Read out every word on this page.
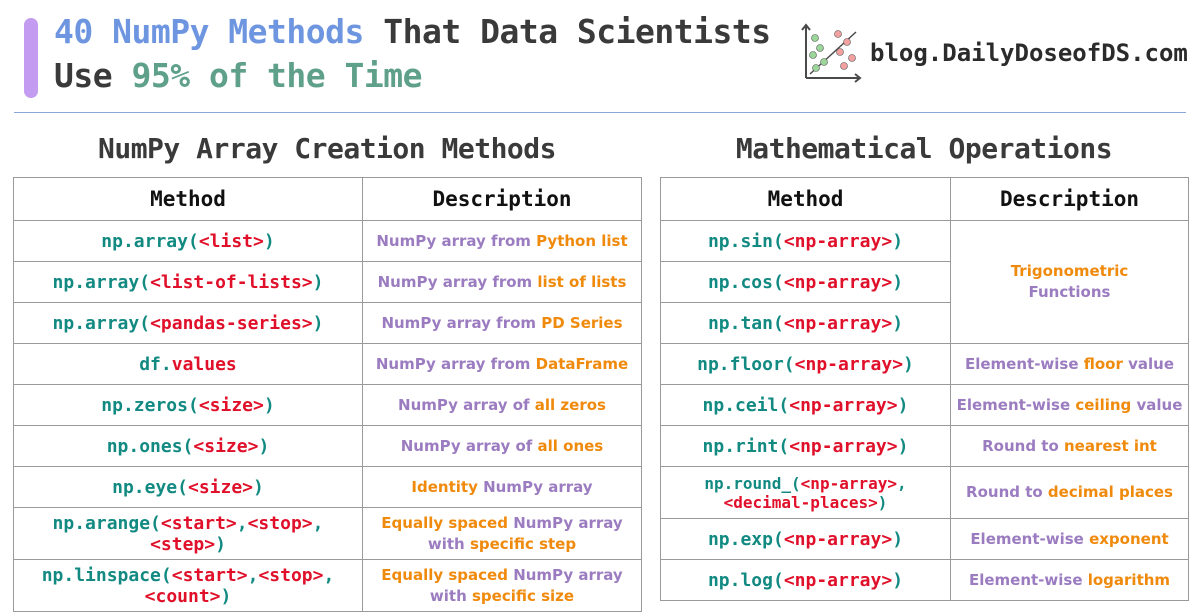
40 NumPy Methods That Data Scientists
Use 95% of the Time
blog.DailyDoseofDS.com
NumPy Array Creation Methods	Mathematical Operations
Method	Description
np.array(<list>)	NumPy array from Python list
np.array(<list-of-lists>)	NumPy array from list of lists
np.array(<pandas-series>)	NumPy array from PD Series
df.values	NumPy array from DataFrame
np.zeros(<size>)	NumPy array of all zeros
np.ones(<size>)	NumPy array of all ones
np.eye(<size>)	Identity NumPy array
np.arange(<start>,<stop>,<step>)	Equally spaced NumPy array
with specific step
np.linspace(<start>,<stop>,<count>)	Equally spaced NumPy array
with specific size
Method	Description
np.sin(<np-array>)	Trigonometric
Functions
np.cos(<np-array>)	
np.tan(<np-array>)	
np.floor(<np-array>)	Element-wise floor value
np.ceil(<np-array>)	Element-wise ceiling value
np.rint(<np-array>)	Round to nearest int
np.round_(<np-array>,
<decimal-places>)	Round to decimal places
np.exp(<np-array>)	Element-wise exponent
np.log(<np-array>)	Element-wise logarithm
